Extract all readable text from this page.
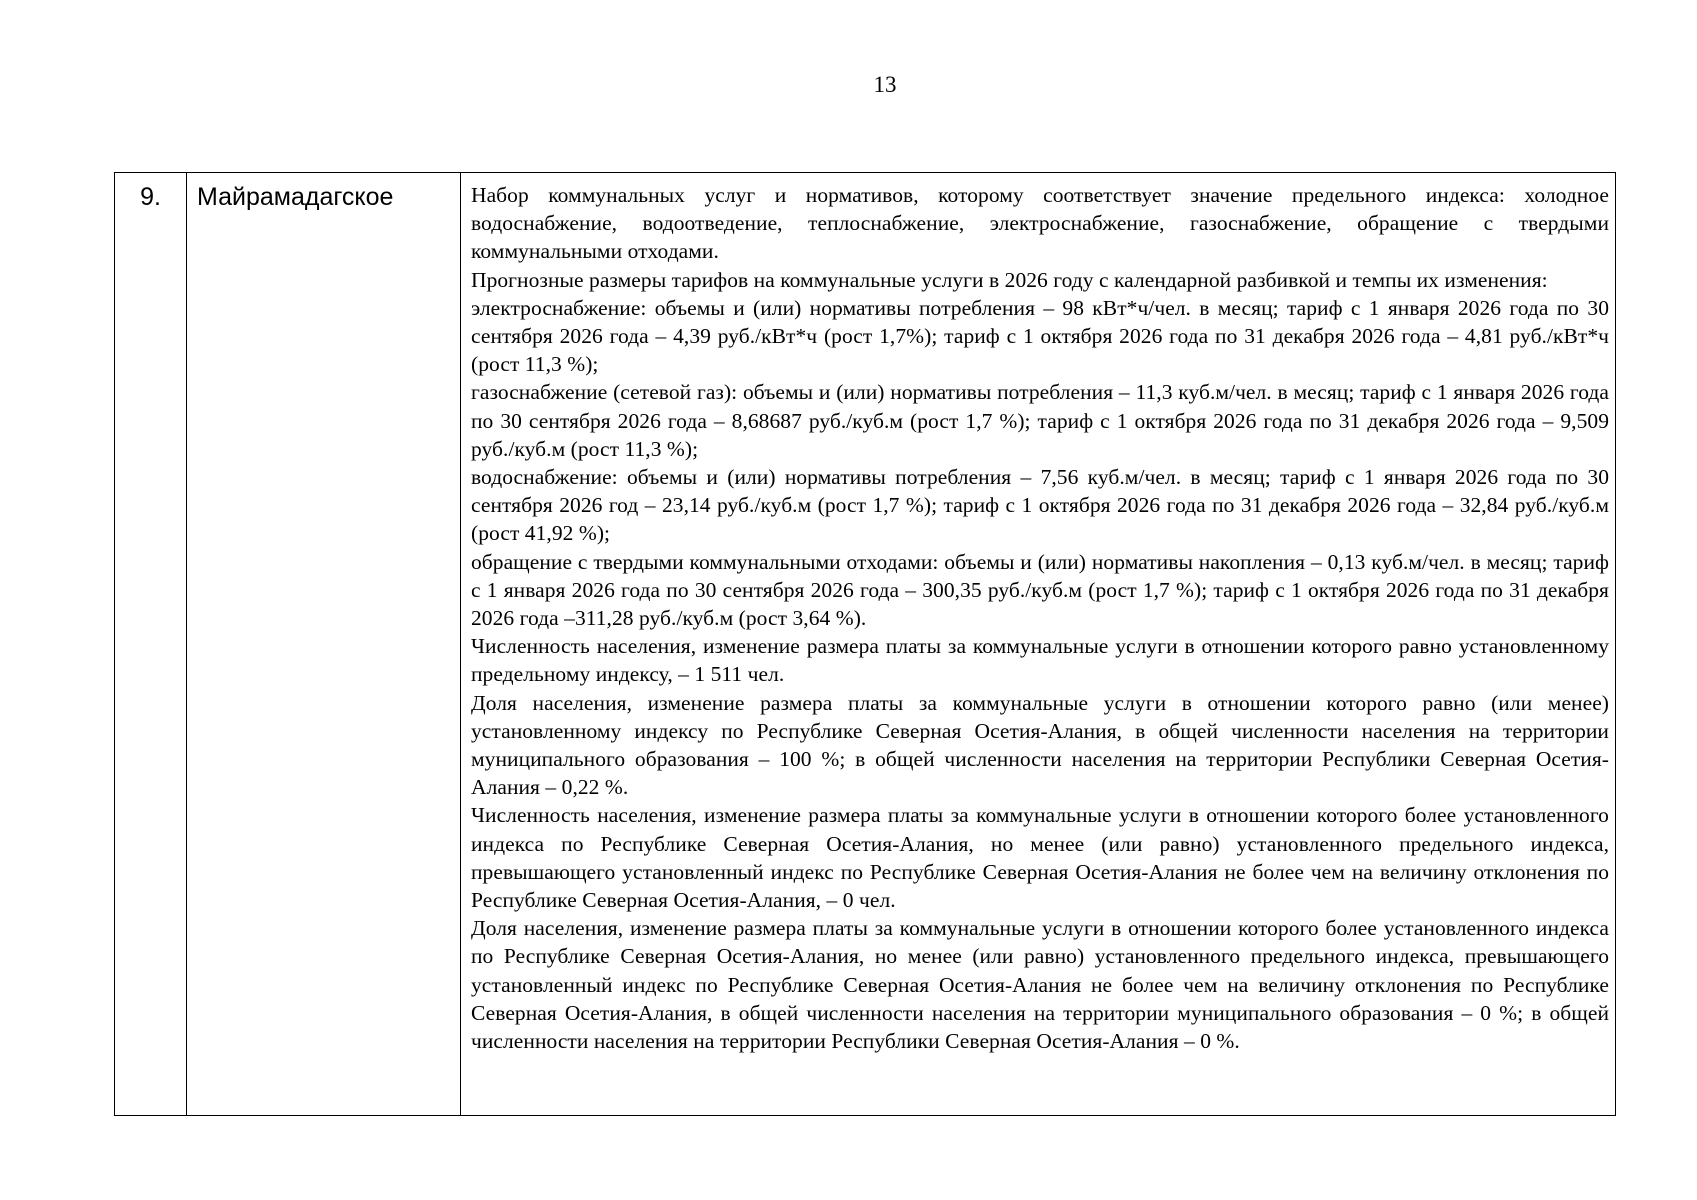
13
9.	Майрамадагское	Набор коммунальных услуг и нормативов, которому соответствует значение предельного индекса: холодное водоснабжение, водоотведение, теплоснабжение, электроснабжение, газоснабжение, обращение с твердыми коммунальными отходами.

Прогнозные размеры тарифов на коммунальные услуги в 2026 году с календарной разбивкой и темпы их изменения:

электроснабжение: объемы и (или) нормативы потребления – 98 кВт*ч/чел. в месяц; тариф с 1 января 2026 года по 30 сентября 2026 года – 4,39 руб./кВт*ч (рост 1,7%); тариф с 1 октября 2026 года по 31 декабря 2026 года – 4,81 руб./кВт*ч (рост 11,3 %);

газоснабжение (сетевой газ): объемы и (или) нормативы потребления – 11,3 куб.м/чел. в месяц; тариф с 1 января 2026 года по 30 сентября 2026 года – 8,68687 руб./куб.м (рост 1,7 %); тариф с 1 октября 2026 года по 31 декабря 2026 года – 9,509 руб./куб.м (рост 11,3 %);

водоснабжение: объемы и (или) нормативы потребления – 7,56 куб.м/чел. в месяц; тариф с 1 января 2026 года по 30 сентября 2026 год – 23,14 руб./куб.м (рост 1,7 %); тариф с 1 октября 2026 года по 31 декабря 2026 года – 32,84 руб./куб.м (рост 41,92 %);

обращение с твердыми коммунальными отходами: объемы и (или) нормативы накопления – 0,13 куб.м/чел. в месяц; тариф с 1 января 2026 года по 30 сентября 2026 года – 300,35 руб./куб.м (рост 1,7 %); тариф с 1 октября 2026 года по 31 декабря 2026 года –311,28 руб./куб.м (рост 3,64 %).

Численность населения, изменение размера платы за коммунальные услуги в отношении которого равно установленному предельному индексу, – 1 511 чел.

Доля населения, изменение размера платы за коммунальные услуги в отношении которого равно (или менее) установленному индексу по Республике Северная Осетия-Алания, в общей численности населения на территории муниципального образования – 100 %; в общей численности населения на территории Республики Северная Осетия-Алания – 0,22 %.

Численность населения, изменение размера платы за коммунальные услуги в отношении которого более установленного индекса по Республике Северная Осетия-Алания, но менее (или равно) установленного предельного индекса, превышающего установленный индекс по Республике Северная Осетия-Алания не более чем на величину отклонения по Республике Северная Осетия-Алания, – 0 чел.

Доля населения, изменение размера платы за коммунальные услуги в отношении которого более установленного индекса по Республике Северная Осетия-Алания, но менее (или равно) установленного предельного индекса, превышающего установленный индекс по Республике Северная Осетия-Алания не более чем на величину отклонения по Республике Северная Осетия-Алания, в общей численности населения на территории муниципального образования – 0 %; в общей численности населения на территории Республики Северная Осетия-Алания – 0 %.
